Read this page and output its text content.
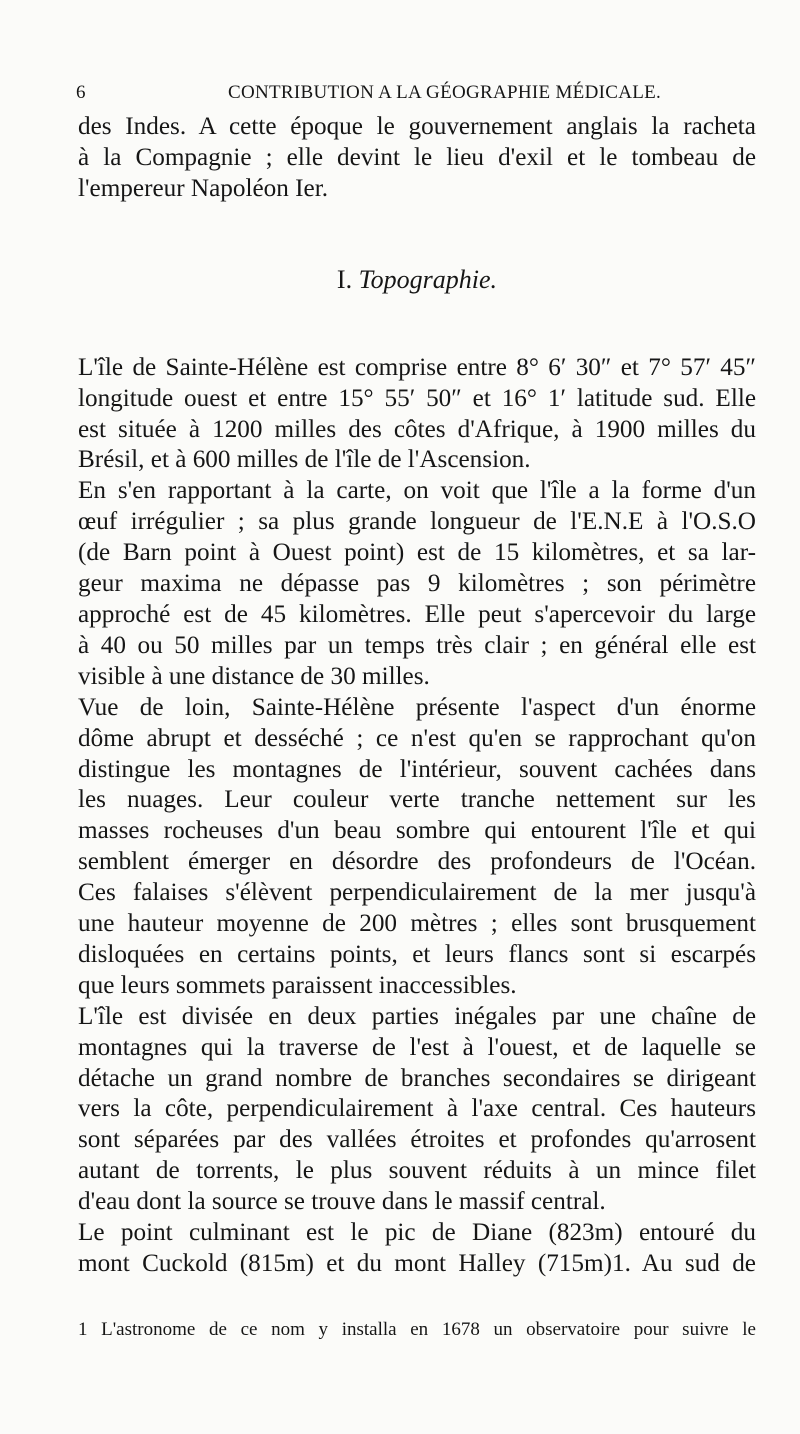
6	CONTRIBUTION A LA GÉOGRAPHIE MÉDICALE.

des Indes. A cette époque le gouvernement anglais la racheta
à la Compagnie ; elle devint le lieu d'exil et le tombeau de
l'empereur Napoléon Ier.

I. Topographie.

L'île de Sainte-Hélène est comprise entre 8° 6′ 30″ et 7° 57′ 45″
longitude ouest et entre 15° 55′ 50″ et 16° 1′ latitude sud. Elle
est située à 1200 milles des côtes d'Afrique, à 1900 milles du
Brésil, et à 600 milles de l'île de l'Ascension.

En s'en rapportant à la carte, on voit que l'île a la forme d'un
œuf irrégulier ; sa plus grande longueur de l'E.N.E à l'O.S.O
(de Barn point à Ouest point) est de 15 kilomètres, et sa lar-
geur maxima ne dépasse pas 9 kilomètres ; son périmètre
approché est de 45 kilomètres. Elle peut s'apercevoir du large
à 40 ou 50 milles par un temps très clair ; en général elle est
visible à une distance de 30 milles.

Vue de loin, Sainte-Hélène présente l'aspect d'un énorme
dôme abrupt et desséché ; ce n'est qu'en se rapprochant qu'on
distingue les montagnes de l'intérieur, souvent cachées dans
les nuages. Leur couleur verte tranche nettement sur les
masses rocheuses d'un beau sombre qui entourent l'île et qui
semblent émerger en désordre des profondeurs de l'Océan.
Ces falaises s'élèvent perpendiculairement de la mer jusqu'à
une hauteur moyenne de 200 mètres ; elles sont brusquement
disloquées en certains points, et leurs flancs sont si escarpés
que leurs sommets paraissent inaccessibles.

L'île est divisée en deux parties inégales par une chaîne de
montagnes qui la traverse de l'est à l'ouest, et de laquelle se
détache un grand nombre de branches secondaires se dirigeant
vers la côte, perpendiculairement à l'axe central. Ces hauteurs
sont séparées par des vallées étroites et profondes qu'arrosent
autant de torrents, le plus souvent réduits à un mince filet
d'eau dont la source se trouve dans le massif central.

Le point culminant est le pic de Diane (823m) entouré du
mont Cuckold (815m) et du mont Halley (715m)1. Au sud de

1 L'astronome de ce nom y installa en 1678 un observatoire pour suivre le
